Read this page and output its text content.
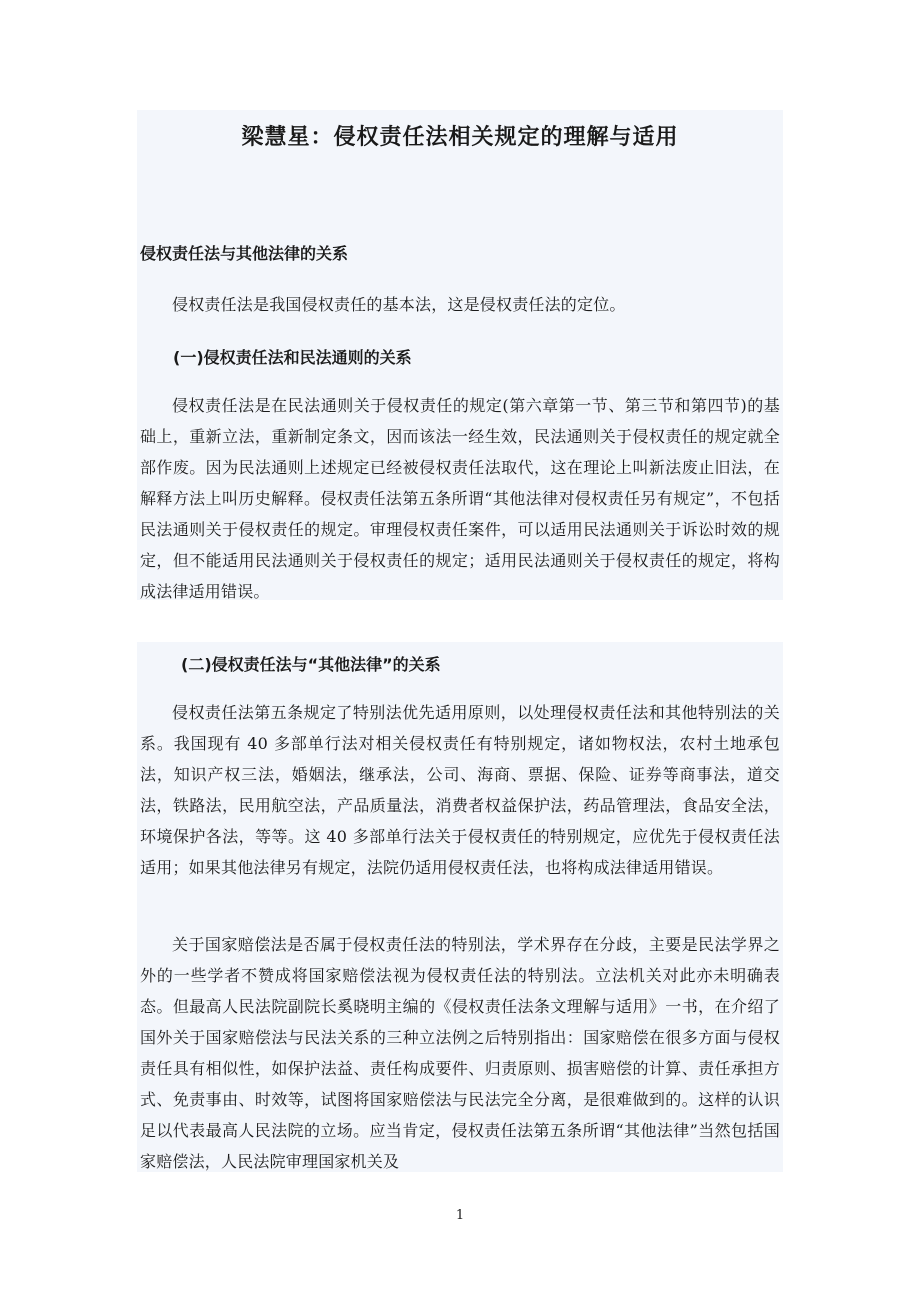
梁慧星：侵权责任法相关规定的理解与适用
侵权责任法与其他法律的关系

侵权责任法是我国侵权责任的基本法，这是侵权责任法的定位。

(一)侵权责任法和民法通则的关系

侵权责任法是在民法通则关于侵权责任的规定(第六章第一节、第三节和第四节)的基础上，重新立法，重新制定条文，因而该法一经生效，民法通则关于侵权责任的规定就全部作废。因为民法通则上述规定已经被侵权责任法取代，这在理论上叫新法废止旧法，在解释方法上叫历史解释。侵权责任法第五条所谓“其他法律对侵权责任另有规定”，不包括民法通则关于侵权责任的规定。审理侵权责任案件，可以适用民法通则关于诉讼时效的规定，但不能适用民法通则关于侵权责任的规定；适用民法通则关于侵权责任的规定，将构成法律适用错误。

(二)侵权责任法与“其他法律”的关系

侵权责任法第五条规定了特别法优先适用原则，以处理侵权责任法和其他特别法的关系。我国现有 40 多部单行法对相关侵权责任有特别规定，诸如物权法，农村土地承包法，知识产权三法，婚姻法，继承法，公司、海商、票据、保险、证券等商事法，道交法，铁路法，民用航空法，产品质量法，消费者权益保护法，药品管理法，食品安全法，环境保护各法，等等。这 40 多部单行法关于侵权责任的特别规定，应优先于侵权责任法适用；如果其他法律另有规定，法院仍适用侵权责任法，也将构成法律适用错误。

关于国家赔偿法是否属于侵权责任法的特别法，学术界存在分歧，主要是民法学界之外的一些学者不赞成将国家赔偿法视为侵权责任法的特别法。立法机关对此亦未明确表态。但最高人民法院副院长奚晓明主编的《侵权责任法条文理解与适用》一书，在介绍了国外关于国家赔偿法与民法关系的三种立法例之后特别指出：国家赔偿在很多方面与侵权责任具有相似性，如保护法益、责任构成要件、归责原则、损害赔偿的计算、责任承担方式、免责事由、时效等，试图将国家赔偿法与民法完全分离，是很难做到的。这样的认识足以代表最高人民法院的立场。应当肯定，侵权责任法第五条所谓“其他法律”当然包括国家赔偿法，人民法院审理国家机关及

1
